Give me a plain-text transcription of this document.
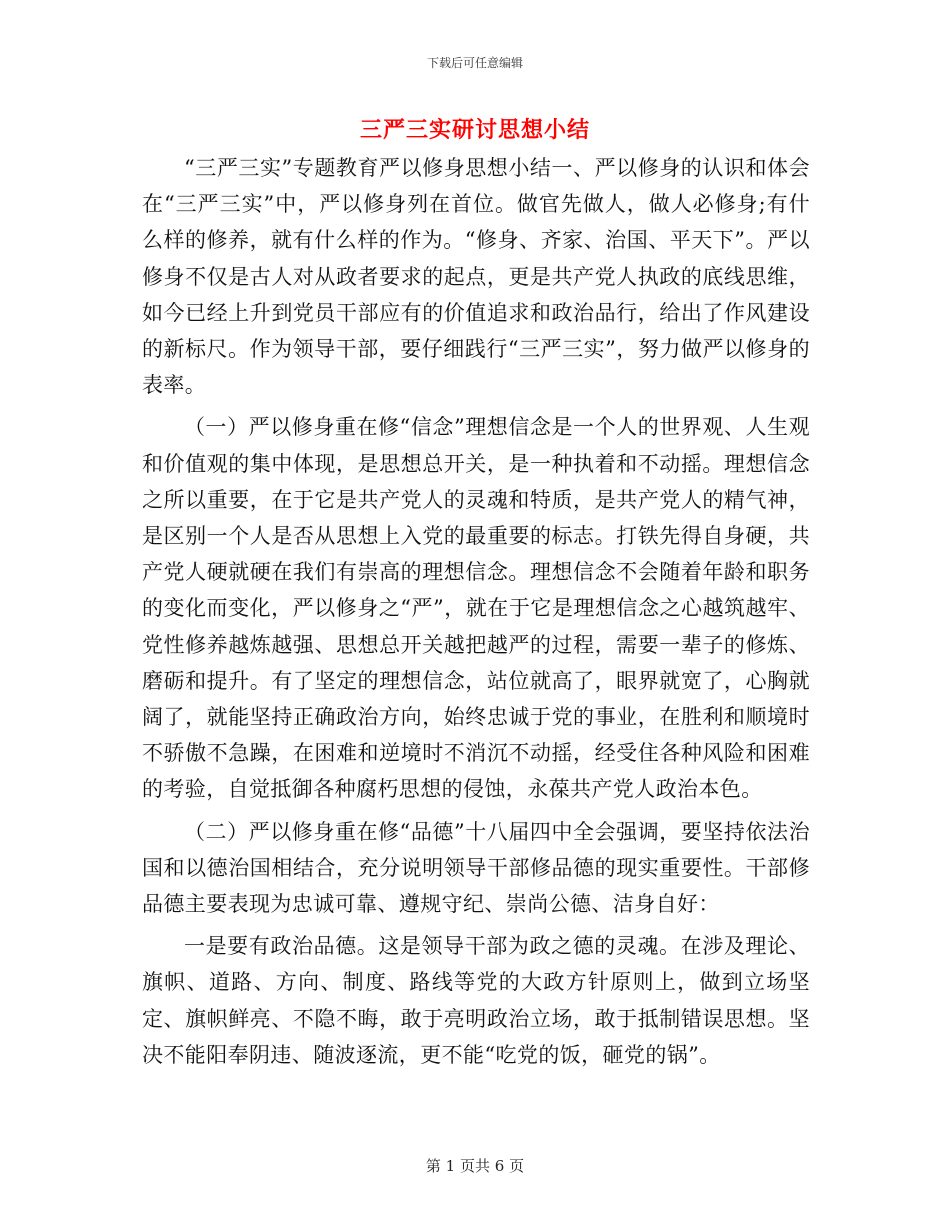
下载后可任意编辑
三严三实研讨思想小结

“三严三实”专题教育严以修身思想小结一、严以修身的认识和体会在“三严三实”中，严以修身列在首位。做官先做人，做人必修身;有什么样的修养，就有什么样的作为。“修身、齐家、治国、平天下”。严以修身不仅是古人对从政者要求的起点，更是共产党人执政的底线思维，如今已经上升到党员干部应有的价值追求和政治品行，给出了作风建设的新标尺。作为领导干部，要仔细践行“三严三实”，努力做严以修身的表率。

（一）严以修身重在修“信念”理想信念是一个人的世界观、人生观和价值观的集中体现，是思想总开关，是一种执着和不动摇。理想信念之所以重要，在于它是共产党人的灵魂和特质，是共产党人的精气神，是区别一个人是否从思想上入党的最重要的标志。打铁先得自身硬，共产党人硬就硬在我们有崇高的理想信念。理想信念不会随着年龄和职务的变化而变化，严以修身之“严”，就在于它是理想信念之心越筑越牢、党性修养越炼越强、思想总开关越把越严的过程，需要一辈子的修炼、磨砺和提升。有了坚定的理想信念，站位就高了，眼界就宽了，心胸就阔了，就能坚持正确政治方向，始终忠诚于党的事业，在胜利和顺境时不骄傲不急躁，在困难和逆境时不消沉不动摇，经受住各种风险和困难的考验，自觉抵御各种腐朽思想的侵蚀，永葆共产党人政治本色。

（二）严以修身重在修“品德”十八届四中全会强调，要坚持依法治国和以德治国相结合，充分说明领导干部修品德的现实重要性。干部修品德主要表现为忠诚可靠、遵规守纪、崇尚公德、洁身自好：

一是要有政治品德。这是领导干部为政之德的灵魂。在涉及理论、旗帜、道路、方向、制度、路线等党的大政方针原则上，做到立场坚定、旗帜鲜亮、不隐不晦，敢于亮明政治立场，敢于抵制错误思想。坚决不能阳奉阴违、随波逐流，更不能“吃党的饭，砸党的锅”。

第 1 页共 6 页
